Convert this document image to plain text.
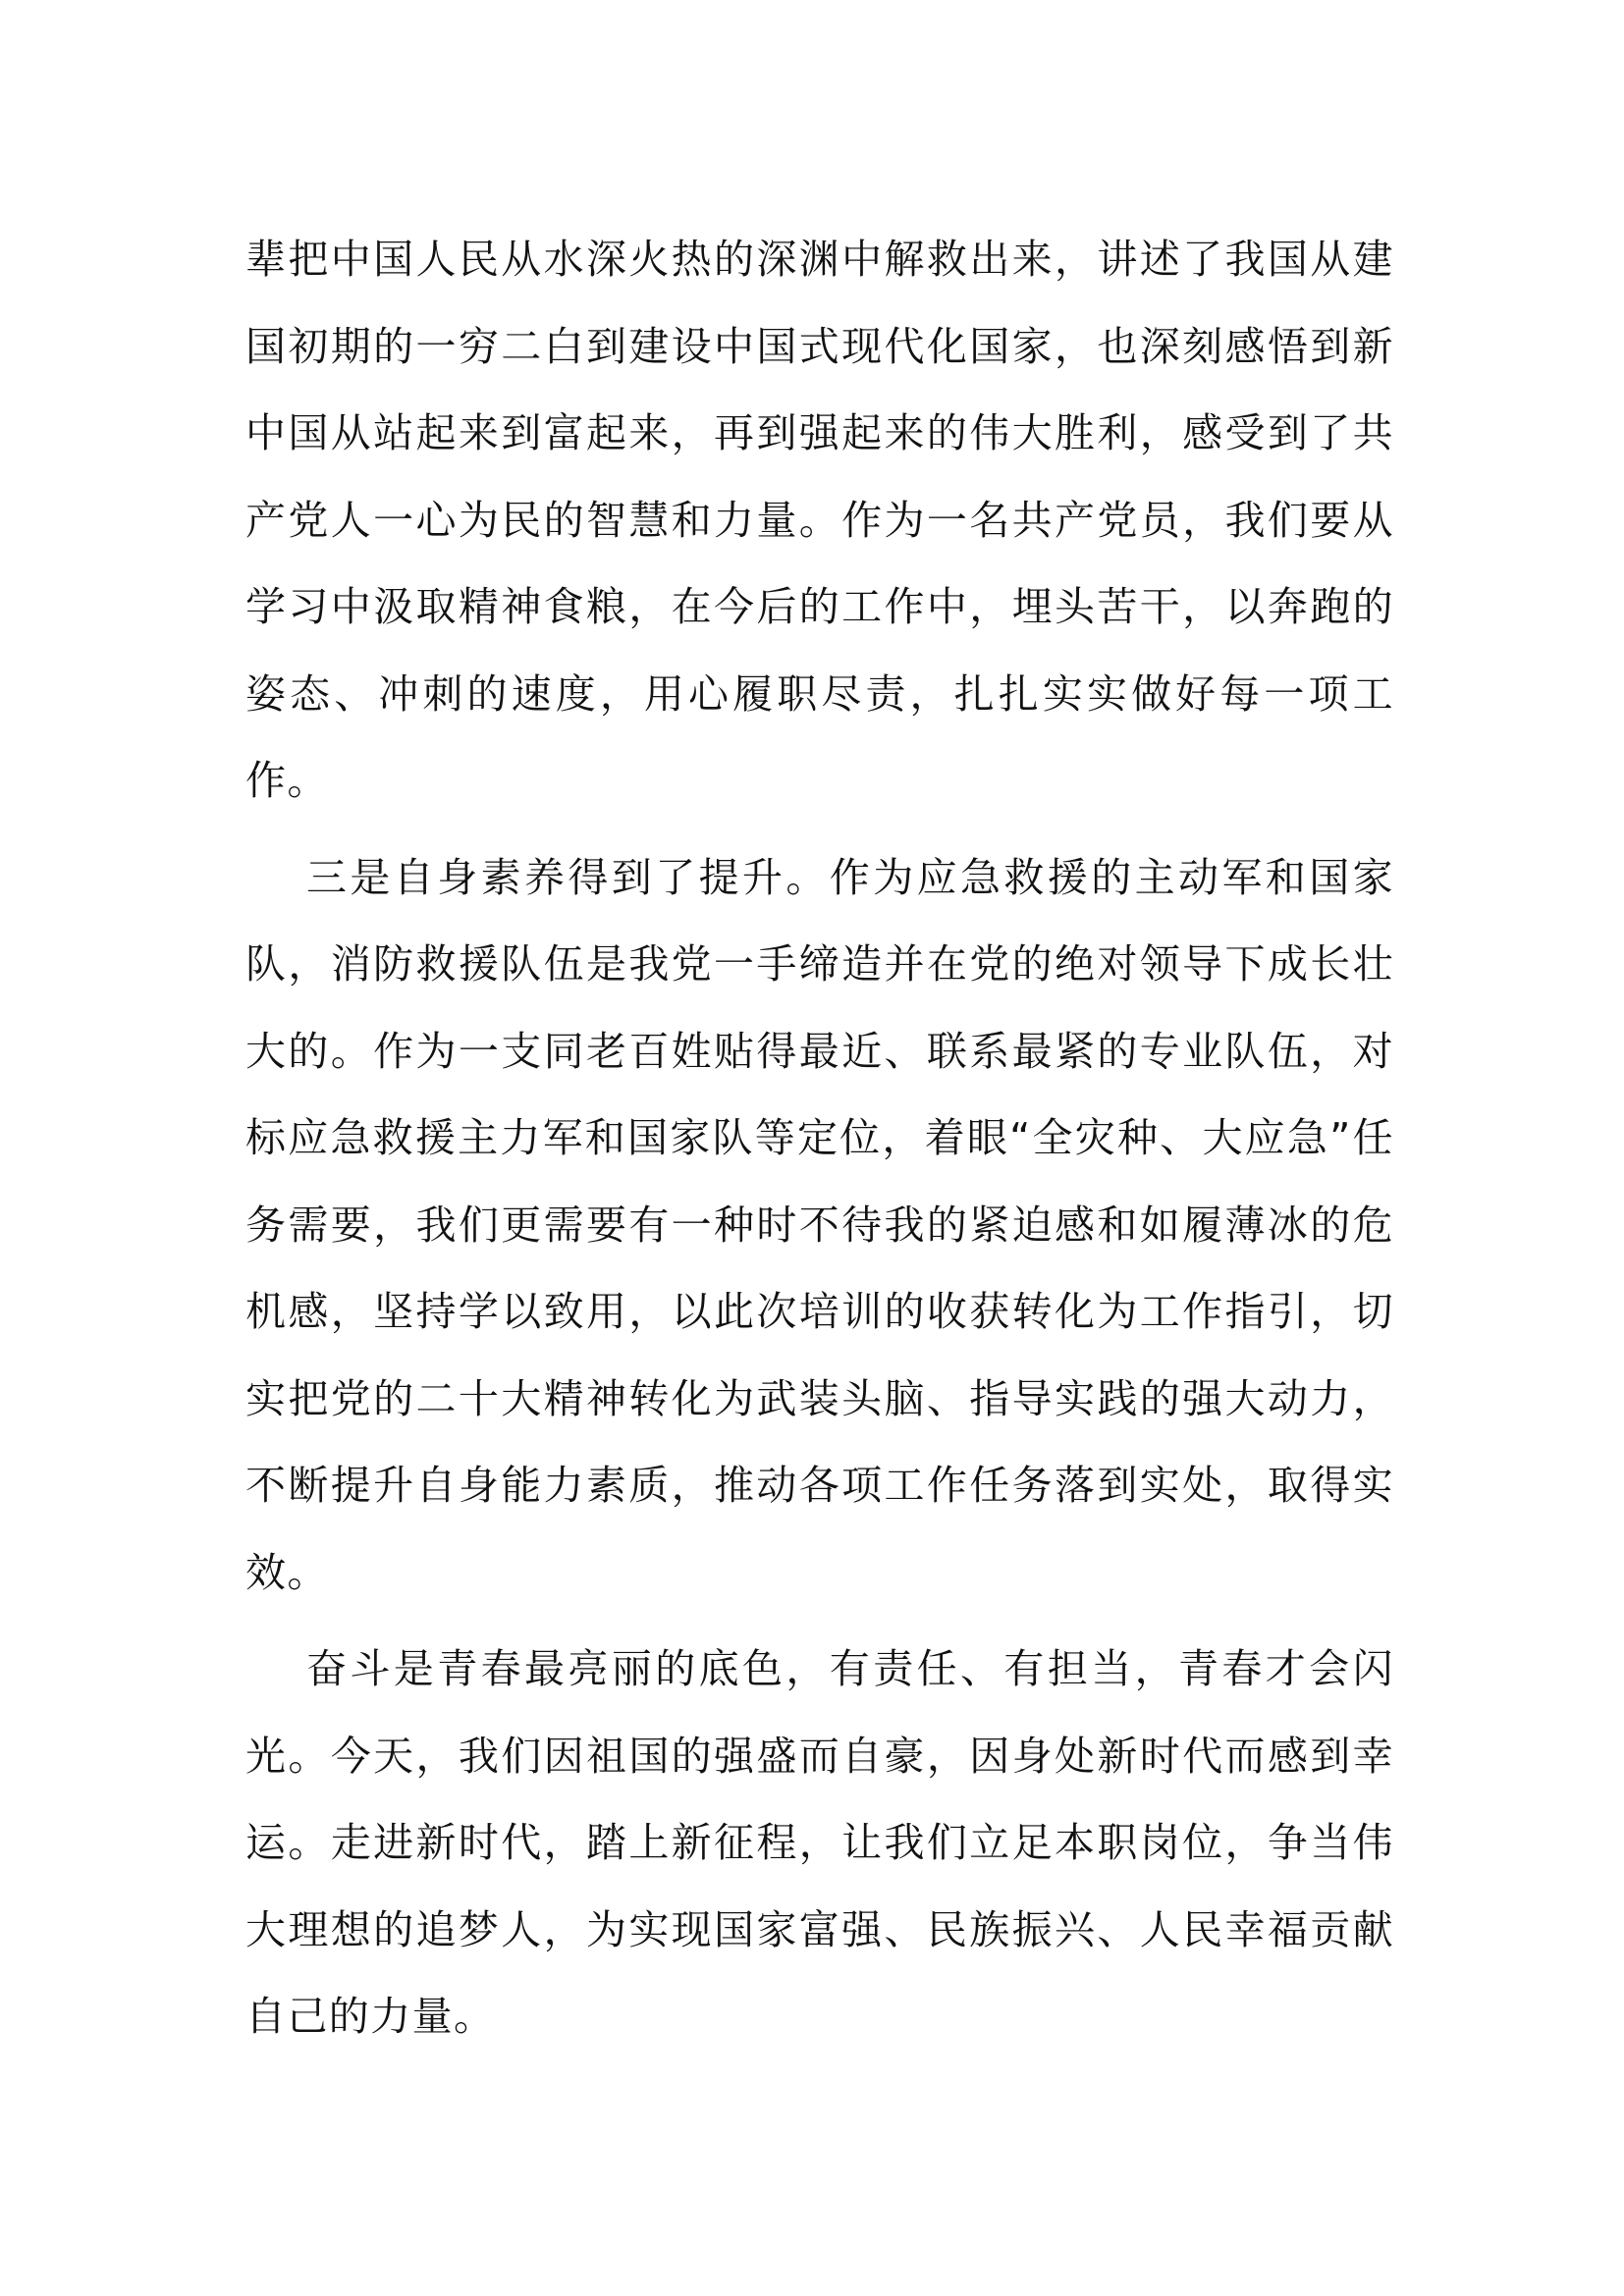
辈把中国人民从水深火热的深渊中解救出来，讲述了我国从建国初期的一穷二白到建设中国式现代化国家，也深刻感悟到新中国从站起来到富起来，再到强起来的伟大胜利，感受到了共产党人一心为民的智慧和力量。作为一名共产党员，我们要从学习中汲取精神食粮，在今后的工作中，埋头苦干，以奔跑的姿态、冲刺的速度，用心履职尽责，扎扎实实做好每一项工作。

三是自身素养得到了提升。作为应急救援的主动军和国家队，消防救援队伍是我党一手缔造并在党的绝对领导下成长壮大的。作为一支同老百姓贴得最近、联系最紧的专业队伍，对标应急救援主力军和国家队等定位，着眼“全灾种、大应急”任务需要，我们更需要有一种时不待我的紧迫感和如履薄冰的危机感，坚持学以致用，以此次培训的收获转化为工作指引，切实把党的二十大精神转化为武装头脑、指导实践的强大动力，不断提升自身能力素质，推动各项工作任务落到实处，取得实效。

奋斗是青春最亮丽的底色，有责任、有担当，青春才会闪光。今天，我们因祖国的强盛而自豪，因身处新时代而感到幸运。走进新时代，踏上新征程，让我们立足本职岗位，争当伟大理想的追梦人，为实现国家富强、民族振兴、人民幸福贡献自己的力量。
